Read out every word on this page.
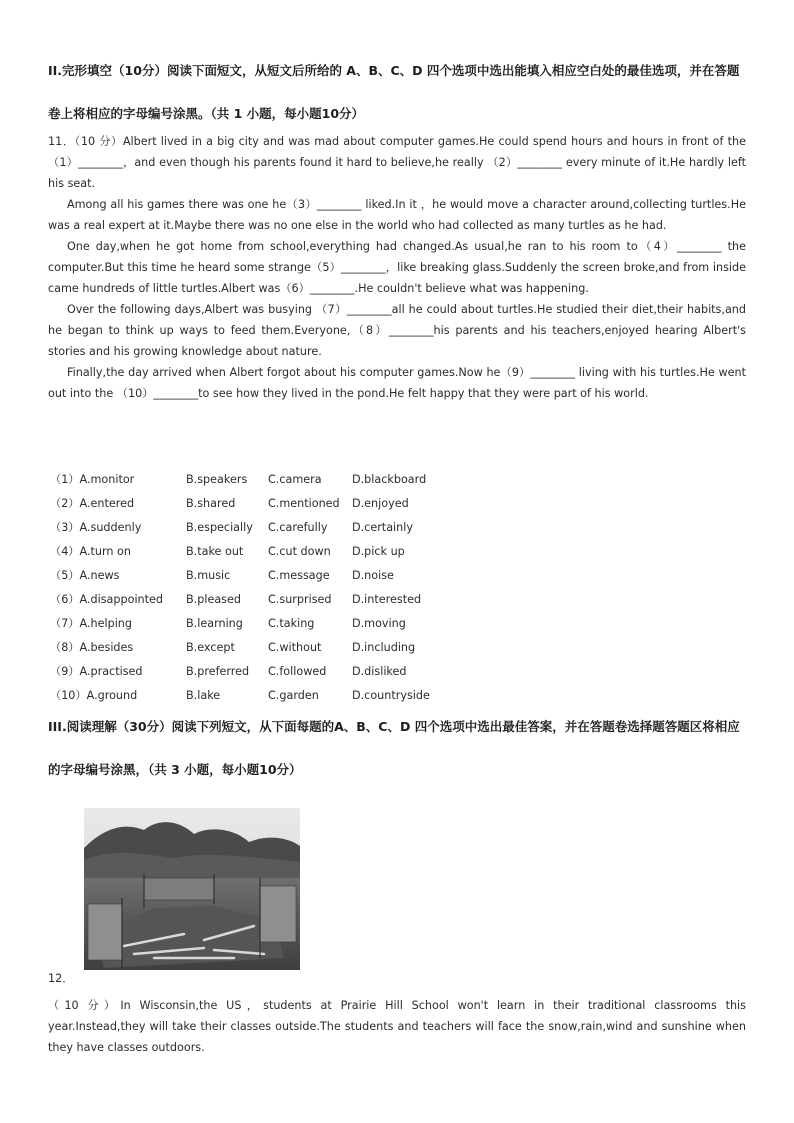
II.完形填空（10分）阅读下面短文，从短文后所给的 A、B、C、D 四个选项中选出能填入相应空白处的最佳选项，并在答题
卷上将相应的字母编号涂黑。（共 1 小题，每小题10分）

11．（10 分）Albert lived in a big city and was mad about computer games.He could spend hours and hours in front of the （1）________，and even though his parents found it hard to believe,he really （2）________ every minute of it.He hardly left his seat.

Among all his games there was one he（3）________ liked.In it ，he would move a character around,collecting turtles.He was a real expert at it.Maybe there was no one else in the world who had collected as many turtles as he had.

One day,when he got home from school,everything had changed.As usual,he ran to his room to（4）________ the computer.But this time he heard some strange（5）________，like breaking glass.Suddenly the screen broke,and from inside came hundreds of little turtles.Albert was（6）________.He couldn't believe what was happening.

Over the following days,Albert was busying （7）________all he could about turtles.He studied their diet,their habits,and he began to think up ways to feed them.Everyone,（8）________his parents and his teachers,enjoyed hearing Albert's stories and his growing knowledge about nature.

Finally,the day arrived when Albert forgot about his computer games.Now he（9）________ living with his turtles.He went out into the （10）________to see how they lived in the pond.He felt happy that they were part of his world.

（1）A.monitor	B.speakers C.camera	D.blackboard
（2）A.entered	B.shared	C.mentioned D.enjoyed
（3）A.suddenly	B.especially C.carefully D.certainly
（4）A.turn on	B.take out C.cut down D.pick up
（5）A.news	B.music	C.message D.noise
（6）A.disappointed B.pleased C.surprised D.interested
（7）A.helping	B.learning C.taking	D.moving
（8）A.besides	B.except	C.without	D.including
（9）A.practised	B.preferred C.followed D.disliked
（10）A.ground	B.lake	C.garden	D.countryside
III.阅读理解（30分）阅读下列短文，从下面每题的A、B、C、D 四个选项中选出最佳答案，并在答题卷选择题答题区将相应
的字母编号涂黑，（共 3 小题，每小题10分）
12．

（10 分）In Wisconsin,the US，students at Prairie Hill School won't learn in their traditional classrooms this year.Instead,they will take their classes outside.The students and teachers will face the snow,rain,wind and sunshine when they have classes outdoors.
